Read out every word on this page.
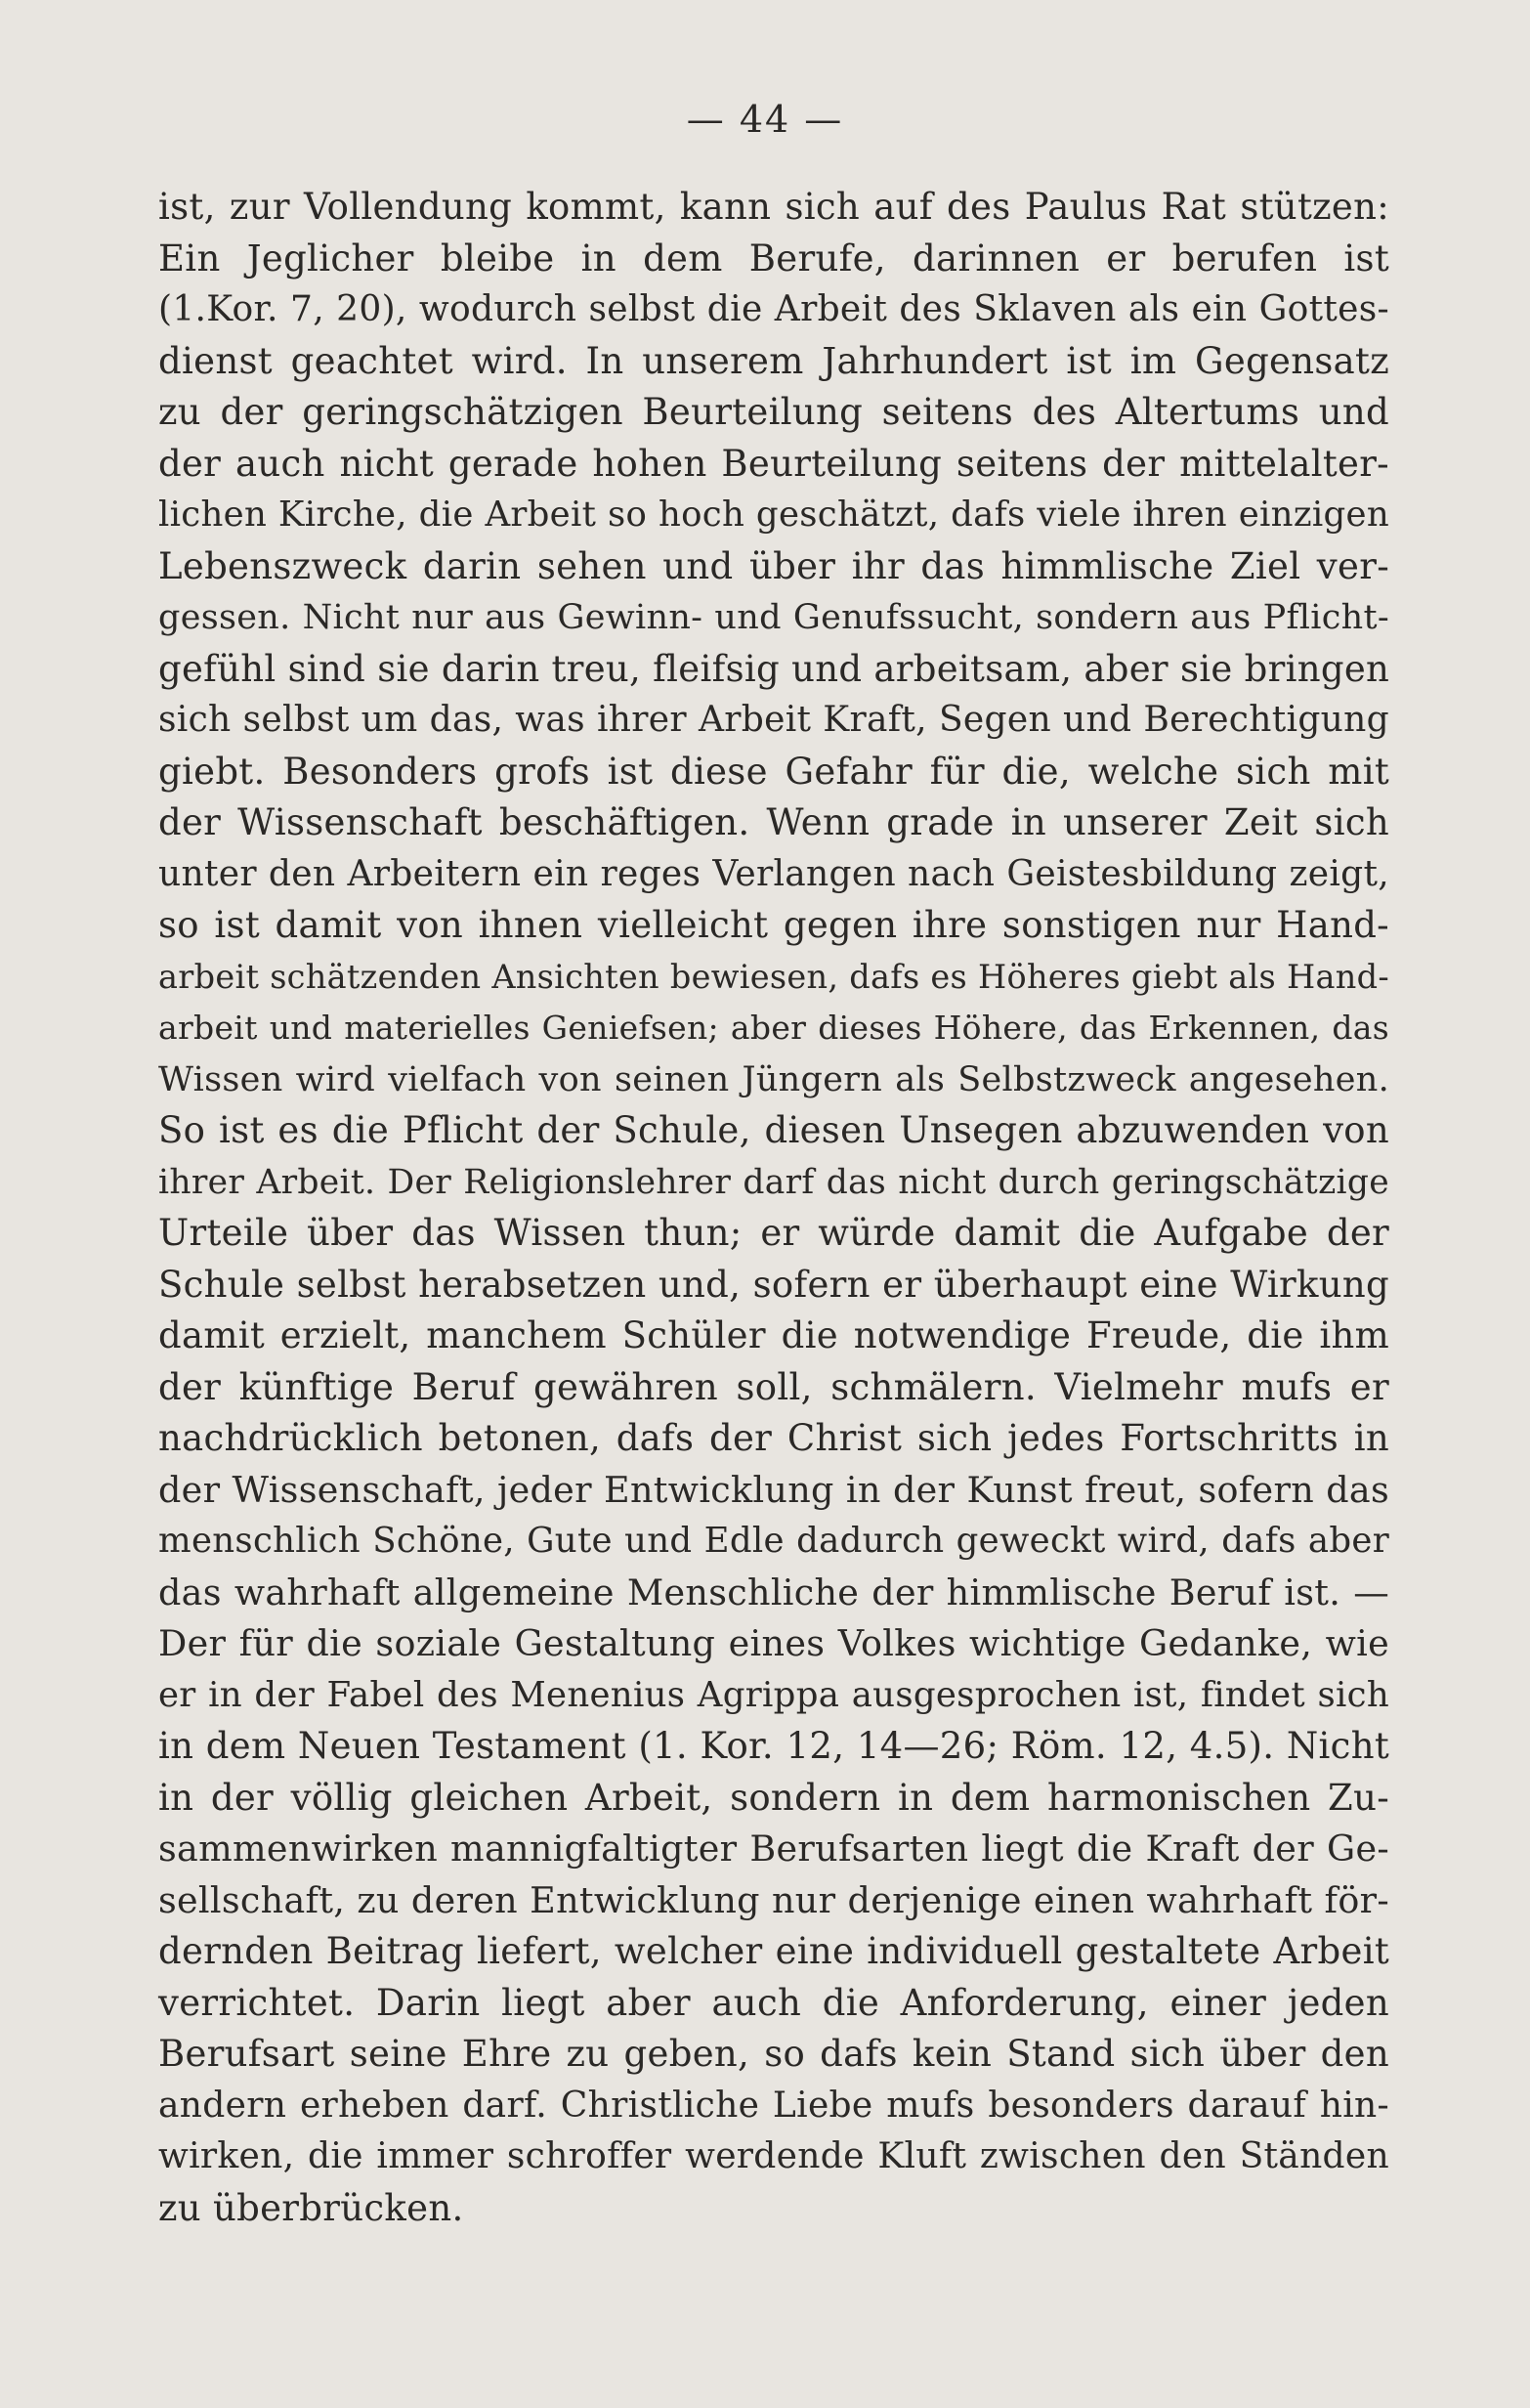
— 44 —
ist, zur Vollendung kommt, kann sich auf des Paulus Rat stützen:
Ein Jeglicher bleibe in dem Berufe, darinnen er berufen ist
(1.Kor. 7, 20), wodurch selbst die Arbeit des Sklaven als ein Gottes-
dienst geachtet wird. In unserem Jahrhundert ist im Gegensatz
zu der geringschätzigen Beurteilung seitens des Altertums und
der auch nicht gerade hohen Beurteilung seitens der mittelalter-
lichen Kirche, die Arbeit so hoch geschätzt, dafs viele ihren einzigen
Lebenszweck darin sehen und über ihr das himmlische Ziel ver-
gessen. Nicht nur aus Gewinn- und Genufssucht, sondern aus Pflicht-
gefühl sind sie darin treu, fleifsig und arbeitsam, aber sie bringen
sich selbst um das, was ihrer Arbeit Kraft, Segen und Berechtigung
giebt. Besonders grofs ist diese Gefahr für die, welche sich mit
der Wissenschaft beschäftigen. Wenn grade in unserer Zeit sich
unter den Arbeitern ein reges Verlangen nach Geistesbildung zeigt,
so ist damit von ihnen vielleicht gegen ihre sonstigen nur Hand-
arbeit schätzenden Ansichten bewiesen, dafs es Höheres giebt als Hand-
arbeit und materielles Geniefsen; aber dieses Höhere, das Erkennen, das
Wissen wird vielfach von seinen Jüngern als Selbstzweck angesehen.
So ist es die Pflicht der Schule, diesen Unsegen abzuwenden von
ihrer Arbeit. Der Religionslehrer darf das nicht durch geringschätzige
Urteile über das Wissen thun; er würde damit die Aufgabe der
Schule selbst herabsetzen und, sofern er überhaupt eine Wirkung
damit erzielt, manchem Schüler die notwendige Freude, die ihm
der künftige Beruf gewähren soll, schmälern. Vielmehr mufs er
nachdrücklich betonen, dafs der Christ sich jedes Fortschritts in
der Wissenschaft, jeder Entwicklung in der Kunst freut, sofern das
menschlich Schöne, Gute und Edle dadurch geweckt wird, dafs aber
das wahrhaft allgemeine Menschliche der himmlische Beruf ist. —
Der für die soziale Gestaltung eines Volkes wichtige Gedanke, wie
er in der Fabel des Menenius Agrippa ausgesprochen ist, findet sich
in dem Neuen Testament (1. Kor. 12, 14—26; Röm. 12, 4.5). Nicht
in der völlig gleichen Arbeit, sondern in dem harmonischen Zu-
sammenwirken mannigfaltigter Berufsarten liegt die Kraft der Ge-
sellschaft, zu deren Entwicklung nur derjenige einen wahrhaft för-
dernden Beitrag liefert, welcher eine individuell gestaltete Arbeit
verrichtet. Darin liegt aber auch die Anforderung, einer jeden
Berufsart seine Ehre zu geben, so dafs kein Stand sich über den
andern erheben darf. Christliche Liebe mufs besonders darauf hin-
wirken, die immer schroffer werdende Kluft zwischen den Ständen
zu überbrücken.
